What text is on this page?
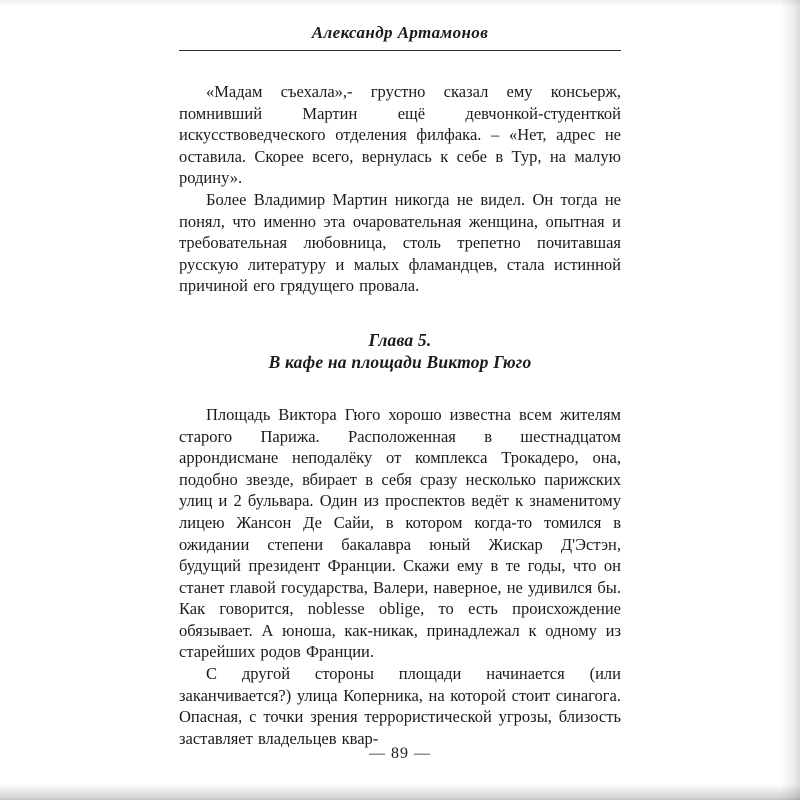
Александр Артамонов

«Мадам съехала»,- грустно сказал ему консьерж, помнивший Мартин ещё девчонкой-студенткой искусствоведческого отделения филфака. – «Нет, адрес не оставила. Скорее всего, вернулась к себе в Тур, на малую родину».

Более Владимир Мартин никогда не видел. Он тогда не понял, что именно эта очаровательная женщина, опытная и требовательная любовница, столь трепетно почитавшая русскую литературу и малых фламандцев, стала истинной причиной его грядущего провала.

Глава 5.
В кафе на площади Виктор Гюго

Площадь Виктора Гюго хорошо известна всем жителям старого Парижа. Расположенная в шестнадцатом аррондисмане неподалёку от комплекса Трокадеро, она, подобно звезде, вбирает в себя сразу несколько парижских улиц и 2 бульвара. Один из проспектов ведёт к знаменитому лицею Жансон Де Сайи, в котором когда-то томился в ожидании степени бакалавра юный Жискар Д'Эстэн, будущий президент Франции. Скажи ему в те годы, что он станет главой государства, Валери, наверное, не удивился бы. Как говорится, noblesse oblige, то есть происхождение обязывает. А юноша, как-никак, принадлежал к одному из старейших родов Франции.

С другой стороны площади начинается (или заканчивается?) улица Коперника, на которой стоит синагога. Опасная, с точки зрения террористической угрозы, близость заставляет владельцев квар-

— 89 —
